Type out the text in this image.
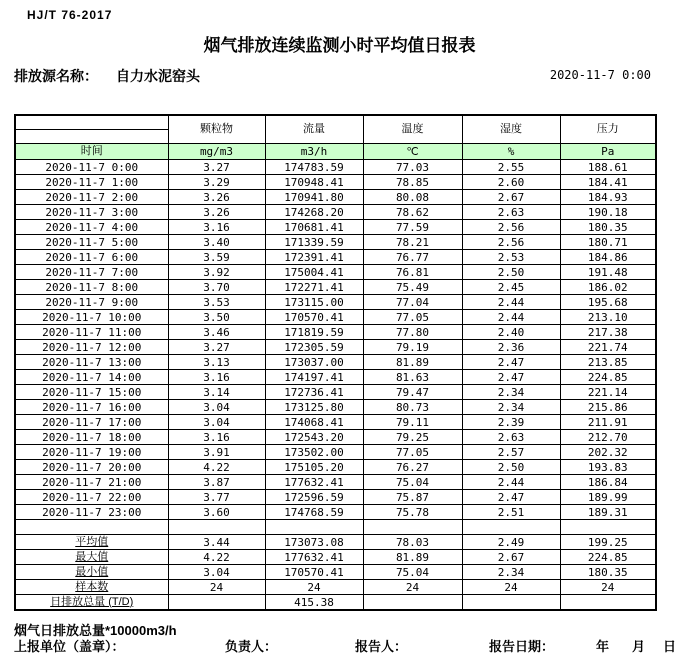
HJ/T 76-2017
烟气排放连续监测小时平均值日报表
排放源名称： 自力水泥窑头	2020-11-7 0:00
	颗粒物	流量	温度	湿度	压力

时间	mg/m3	m3/h	℃	%	Pa
2020-11-7 0:00	3.27	174783.59	77.03	2.55	188.61
2020-11-7 1:00	3.29	170948.41	78.85	2.60	184.41
2020-11-7 2:00	3.26	170941.80	80.08	2.67	184.93
2020-11-7 3:00	3.26	174268.20	78.62	2.63	190.18
2020-11-7 4:00	3.16	170681.41	77.59	2.56	180.35
2020-11-7 5:00	3.40	171339.59	78.21	2.56	180.71
2020-11-7 6:00	3.59	172391.41	76.77	2.53	184.86
2020-11-7 7:00	3.92	175004.41	76.81	2.50	191.48
2020-11-7 8:00	3.70	172271.41	75.49	2.45	186.02
2020-11-7 9:00	3.53	173115.00	77.04	2.44	195.68
2020-11-7 10:00	3.50	170570.41	77.05	2.44	213.10
2020-11-7 11:00	3.46	171819.59	77.80	2.40	217.38
2020-11-7 12:00	3.27	172305.59	79.19	2.36	221.74
2020-11-7 13:00	3.13	173037.00	81.89	2.47	213.85
2020-11-7 14:00	3.16	174197.41	81.63	2.47	224.85
2020-11-7 15:00	3.14	172736.41	79.47	2.34	221.14
2020-11-7 16:00	3.04	173125.80	80.73	2.34	215.86
2020-11-7 17:00	3.04	174068.41	79.11	2.39	211.91
2020-11-7 18:00	3.16	172543.20	79.25	2.63	212.70
2020-11-7 19:00	3.91	173502.00	77.05	2.57	202.32
2020-11-7 20:00	4.22	175105.20	76.27	2.50	193.83
2020-11-7 21:00	3.87	177632.41	75.04	2.44	186.84
2020-11-7 22:00	3.77	172596.59	75.87	2.47	189.99
2020-11-7 23:00	3.60	174768.59	75.78	2.51	189.31

平均值	3.44	173073.08	78.03	2.49	199.25
最大值	4.22	177632.41	81.89	2.67	224.85
最小值	3.04	170570.41	75.04	2.34	180.35
样本数	24	24	24	24	24
日排放总量 (T/D)		415.38			
烟气日排放总量*10000m3/h
上报单位（盖章）：	负责人：	报告人：	报告日期：	年 月 日
